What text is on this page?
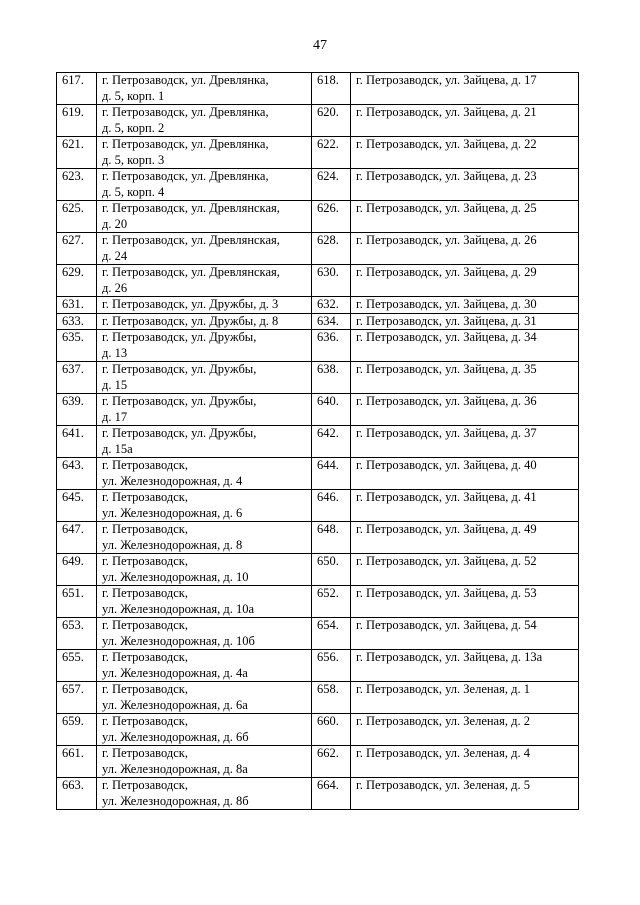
47
617.	г. Петрозаводск, ул. Древлянка,
д. 5, корп. 1	618.	г. Петрозаводск, ул. Зайцева, д. 17

619.	г. Петрозаводск, ул. Древлянка,
д. 5, корп. 2	620.	г. Петрозаводск, ул. Зайцева, д. 21

621.	г. Петрозаводск, ул. Древлянка,
д. 5, корп. 3	622.	г. Петрозаводск, ул. Зайцева, д. 22

623.	г. Петрозаводск, ул. Древлянка,
д. 5, корп. 4	624.	г. Петрозаводск, ул. Зайцева, д. 23

625.	г. Петрозаводск, ул. Древлянская,
д. 20	626.	г. Петрозаводск, ул. Зайцева, д. 25

627.	г. Петрозаводск, ул. Древлянская,
д. 24	628.	г. Петрозаводск, ул. Зайцева, д. 26

629.	г. Петрозаводск, ул. Древлянская,
д. 26	630.	г. Петрозаводск, ул. Зайцева, д. 29

631.	г. Петрозаводск, ул. Дружбы, д. 3	632.	г. Петрозаводск, ул. Зайцева, д. 30

633.	г. Петрозаводск, ул. Дружбы, д. 8	634.	г. Петрозаводск, ул. Зайцева, д. 31

635.	г. Петрозаводск, ул. Дружбы,
д. 13	636.	г. Петрозаводск, ул. Зайцева, д. 34

637.	г. Петрозаводск, ул. Дружбы,
д. 15	638.	г. Петрозаводск, ул. Зайцева, д. 35

639.	г. Петрозаводск, ул. Дружбы,
д. 17	640.	г. Петрозаводск, ул. Зайцева, д. 36

641.	г. Петрозаводск, ул. Дружбы,
д. 15а	642.	г. Петрозаводск, ул. Зайцева, д. 37

643.	г. Петрозаводск,
ул. Железнодорожная, д. 4	644.	г. Петрозаводск, ул. Зайцева, д. 40

645.	г. Петрозаводск,
ул. Железнодорожная, д. 6	646.	г. Петрозаводск, ул. Зайцева, д. 41

647.	г. Петрозаводск,
ул. Железнодорожная, д. 8	648.	г. Петрозаводск, ул. Зайцева, д. 49

649.	г. Петрозаводск,
ул. Железнодорожная, д. 10	650.	г. Петрозаводск, ул. Зайцева, д. 52

651.	г. Петрозаводск,
ул. Железнодорожная, д. 10а	652.	г. Петрозаводск, ул. Зайцева, д. 53

653.	г. Петрозаводск,
ул. Железнодорожная, д. 10б	654.	г. Петрозаводск, ул. Зайцева, д. 54

655.	г. Петрозаводск,
ул. Железнодорожная, д. 4а	656.	г. Петрозаводск, ул. Зайцева, д. 13а

657.	г. Петрозаводск,
ул. Железнодорожная, д. 6а	658.	г. Петрозаводск, ул. Зеленая, д. 1

659.	г. Петрозаводск,
ул. Железнодорожная, д. 6б	660.	г. Петрозаводск, ул. Зеленая, д. 2

661.	г. Петрозаводск,
ул. Железнодорожная, д. 8а	662.	г. Петрозаводск, ул. Зеленая, д. 4

663.	г. Петрозаводск,
ул. Железнодорожная, д. 8б	664.	г. Петрозаводск, ул. Зеленая, д. 5
